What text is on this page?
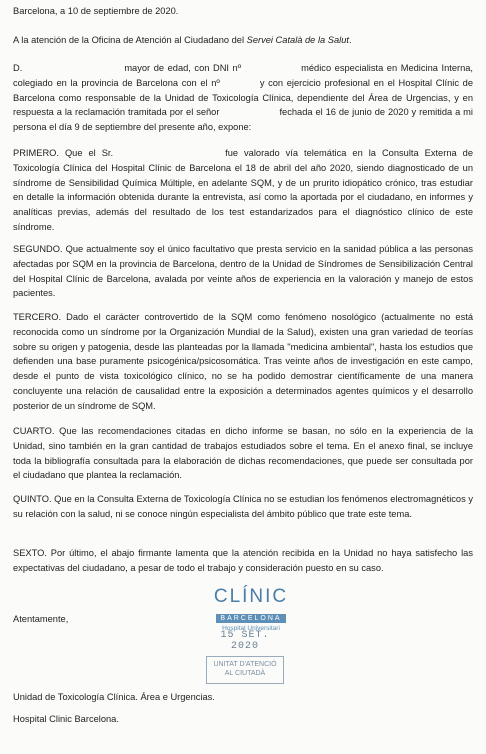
Barcelona, a 10 de septiembre de 2020.

A la atención de la Oficina de Atención al Ciudadano del Servei Català de la Salut.

D.	mayor de edad, con DNI nº	médico especialista en Medicina Interna, colegiado en la provincia de Barcelona con el nº	y con ejercicio profesional en el Hospital Clínic de Barcelona como responsable de la Unidad de Toxicología Clínica, dependiente del Área de Urgencias, y en respuesta a la reclamación tramitada por el señor	fechada el 16 de junio de 2020 y remitida a mi persona el día 9 de septiembre del presente año, expone:

PRIMERO. Que el Sr.	fue valorado vía telemática en la Consulta Externa de Toxicología Clínica del Hospital Clínic de Barcelona el 18 de abril del año 2020, siendo diagnosticado de un síndrome de Sensibilidad Química Múltiple, en adelante SQM, y de un prurito idiopático crónico, tras estudiar en detalle la información obtenida durante la entrevista, así como la aportada por el ciudadano, en informes y analíticas previas, además del resultado de los test estandarizados para el diagnóstico clínico de este síndrome.

SEGUNDO. Que actualmente soy el único facultativo que presta servicio en la sanidad pública a las personas afectadas por SQM en la provincia de Barcelona, dentro de la Unidad de Síndromes de Sensibilización Central del Hospital Clínic de Barcelona, avalada por veinte años de experiencia en la valoración y manejo de estos pacientes.

TERCERO. Dado el carácter controvertido de la SQM como fenómeno nosológico (actualmente no está reconocida como un síndrome por la Organización Mundial de la Salud), existen una gran variedad de teorías sobre su origen y patogenia, desde las planteadas por la llamada "medicina ambiental", hasta los estudios que defienden una base puramente psicogénica/psicosomática. Tras veinte años de investigación en este campo, desde el punto de vista toxicológico clínico, no se ha podido demostrar científicamente de una manera concluyente una relación de causalidad entre la exposición a determinados agentes químicos y el desarrollo posterior de un síndrome de SQM.

CUARTO. Que las recomendaciones citadas en dicho informe se basan, no sólo en la experiencia de la Unidad, sino también en la gran cantidad de trabajos estudiados sobre el tema. En el anexo final, se incluye toda la bibliografía consultada para la elaboración de dichas recomendaciones, que puede ser consultada por el ciudadano que plantea la reclamación.

QUINTO. Que en la Consulta Externa de Toxicología Clínica no se estudian los fenómenos electromagnéticos y su relación con la salud, ni se conoce ningún especialista del ámbito público que trate este tema.

SEXTO. Por último, el abajo firmante lamenta que la atención recibida en la Unidad no haya satisfecho las expectativas del ciudadano, a pesar de todo el trabajo y consideración puesto en su caso.

CLÍNIC
BARCELONA
Hospital Universitari

Atentamente,

15 SET. 2020
UNITAT D'ATENCIÓ
AL CIUTADÀ

Unidad de Toxicología Clínica. Área e Urgencias.

Hospital Clinic Barcelona.
